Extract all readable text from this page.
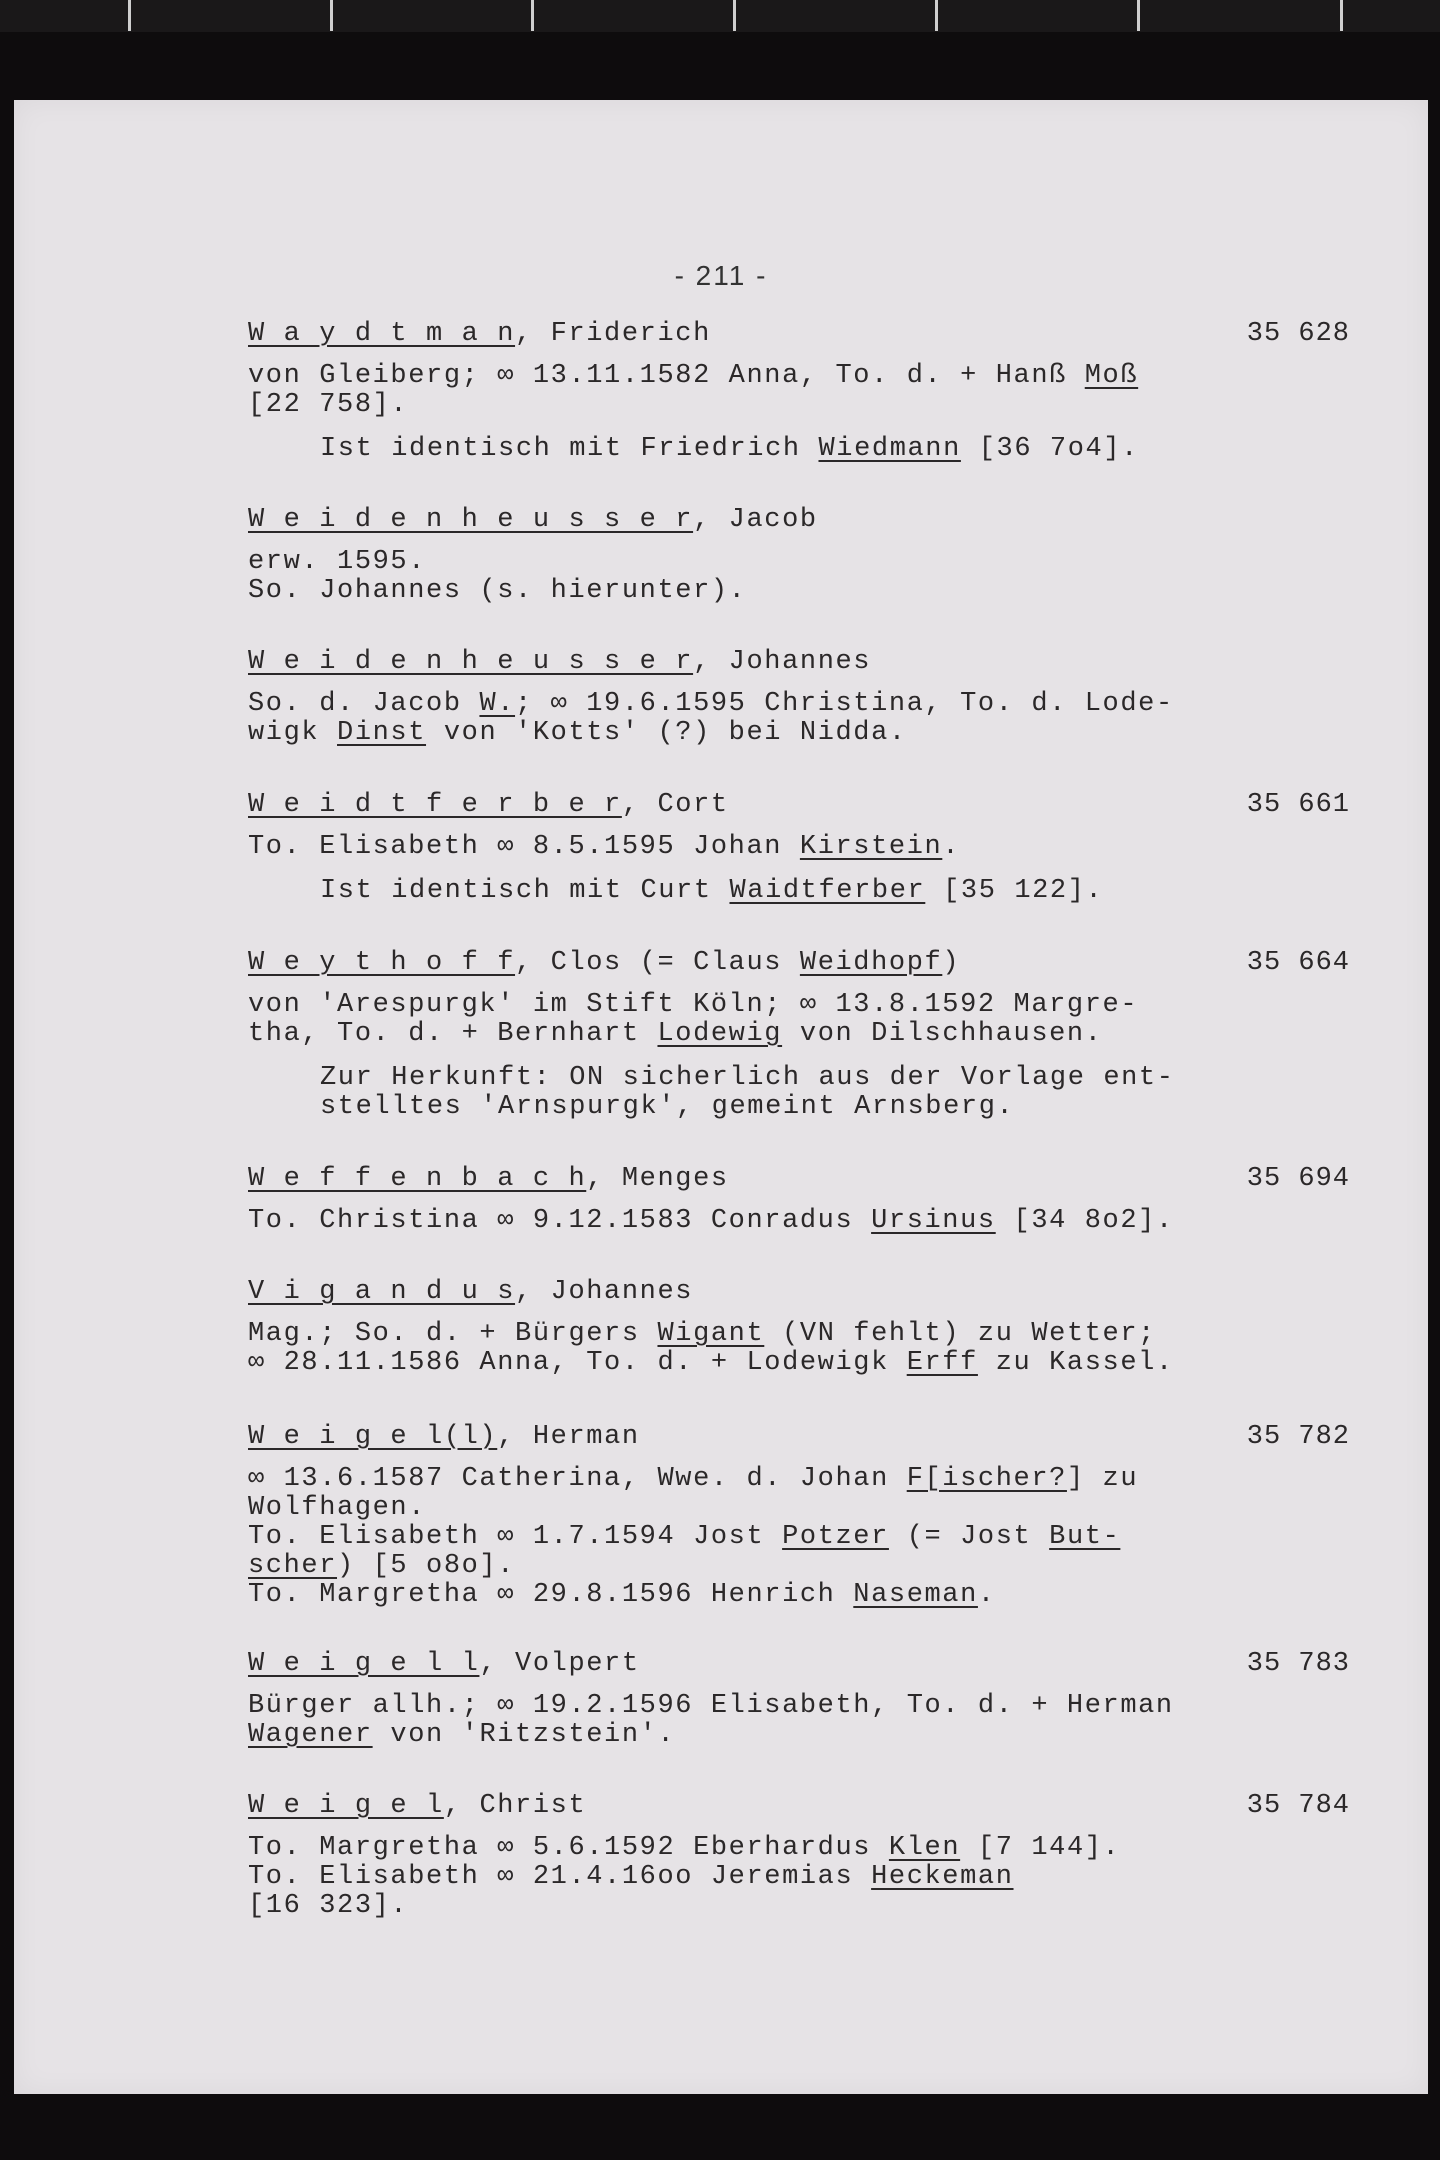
- 211 -
W a y d t m a n, Friderich	35 628
von Gleiberg; ∞ 13.11.1582 Anna, To. d. + Hanß Moß
[22 758].
Ist identisch mit Friedrich Wiedmann [36 7o4].
W e i d e n h e u s s e r, Jacob
erw. 1595.
So. Johannes (s. hierunter).
W e i d e n h e u s s e r, Johannes
So. d. Jacob W.; ∞ 19.6.1595 Christina, To. d. Lode-
wigk Dinst von 'Kotts' (?) bei Nidda.
W e i d t f e r b e r, Cort	35 661
To. Elisabeth ∞ 8.5.1595 Johan Kirstein.
Ist identisch mit Curt Waidtferber [35 122].
W e y t h o f f, Clos (= Claus Weidhopf)	35 664
von 'Arespurgk' im Stift Köln; ∞ 13.8.1592 Margre-
tha, To. d. + Bernhart Lodewig von Dilschhausen.
Zur Herkunft: ON sicherlich aus der Vorlage ent-
stelltes 'Arnspurgk', gemeint Arnsberg.
W e f f e n b a c h, Menges	35 694
To. Christina ∞ 9.12.1583 Conradus Ursinus [34 8o2].
V i g a n d u s, Johannes
Mag.; So. d. + Bürgers Wigant (VN fehlt) zu Wetter;
∞ 28.11.1586 Anna, To. d. + Lodewigk Erff zu Kassel.
W e i g e l(l), Herman	35 782
∞ 13.6.1587 Catherina, Wwe. d. Johan F[ischer?] zu
Wolfhagen.
To. Elisabeth ∞ 1.7.1594 Jost Potzer (= Jost But-
scher) [5 o8o].
To. Margretha ∞ 29.8.1596 Henrich Naseman.
W e i g e l l, Volpert	35 783
Bürger allh.; ∞ 19.2.1596 Elisabeth, To. d. + Herman
Wagener von 'Ritzstein'.
W e i g e l, Christ	35 784
To. Margretha ∞ 5.6.1592 Eberhardus Klen [7 144].
To. Elisabeth ∞ 21.4.16oo Jeremias Heckeman
[16 323].
